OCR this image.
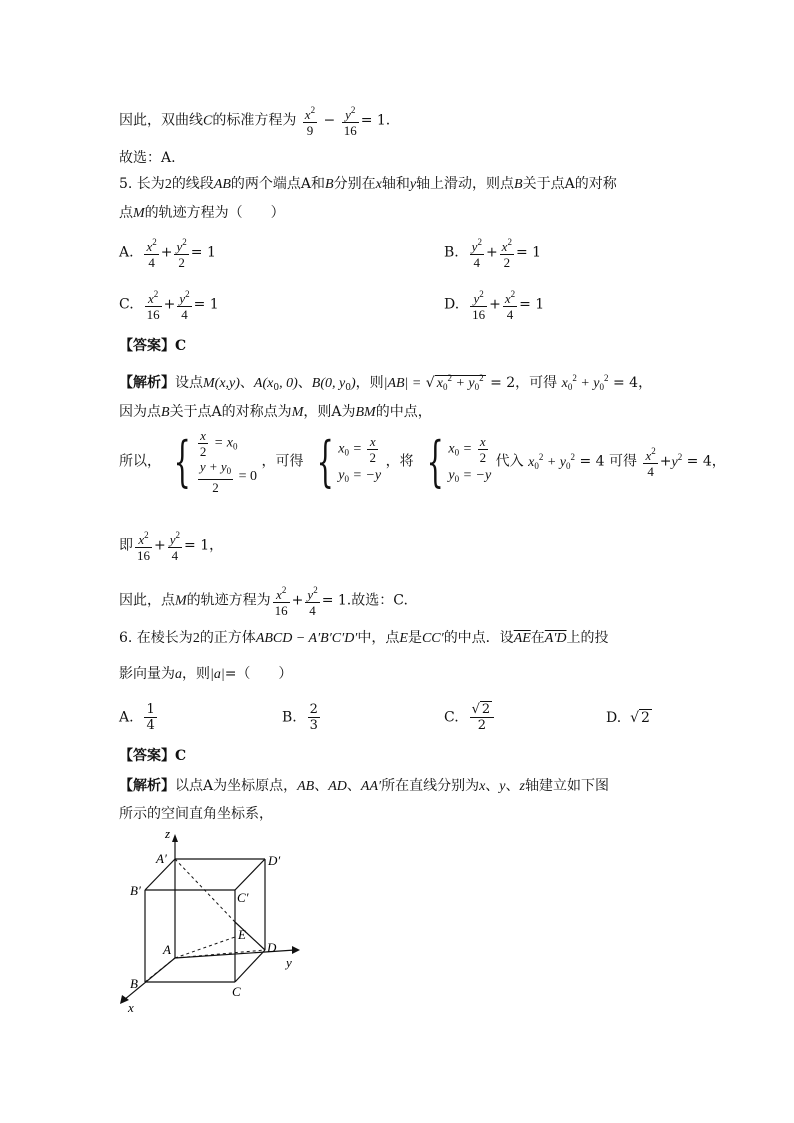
因此，双曲线C的标准方程为 $\frac{x^2}{9} - \frac{y^2}{16} = 1$.
故选：A.
5. 长为2的线段AB的两个端点A和B分别在x轴和y轴上滑动，则点B关于点A的对称
点M的轨迹方程为（　　）
A. $\frac{x^2}{4} + \frac{y^2}{2} = 1$	B. $\frac{y^2}{4} + \frac{x^2}{2} = 1$
C. $\frac{x^2}{16} + \frac{y^2}{4} = 1$	D. $\frac{y^2}{16} + \frac{x^2}{4} = 1$
【答案】C
【解析】设点M(x,y)、$A(x_0$, 0)、B(0, $y_0$)，则|AB| = √ $x_0^2 + y_0^2 = 2$，可得 $x_0^2 + y_0^2 = 4$，
因为点B关于点A的对称点为M，则A为BM的中点，
所以， { $\frac{x}{2} = x_0$
$\frac{y + y_0}{2} = 0$
，可得 { $x_0 = \frac{x}{2}$
$y_0 = -y$
，将 { $x_0 = \frac{x}{2}$
$y_0 = -y$
代入 $x_0^2 + y_0^2 = 4$ 可得 $\frac{x^2}{4} +y^2 = 4$，
即 $\frac{x^2}{16} + \frac{y^2}{4} = 1$，
因此，点M的轨迹方程为 $\frac{x^2}{16} + \frac{y^2}{4} = 1$.故选：C.
6. 在棱长为2的正方体ABCD − A′B′C′D′中，点E是CC′的中点．设$\overline{AE}$在A′D上的投
影向量为a，则|a|=（　　）
A. $\frac{1}{4}$	B. $\frac{2}{3}$	C. $\frac{√ 2}{2}$	D. √ 2
【答案】C
【解析】以点A为坐标原点，AB、AD、AA′所在直线分别为x、y、z轴建立如下图
所示的空间直角坐标系，
z
y
x
A′	D′
B′	C′
A
E
D
B
C
